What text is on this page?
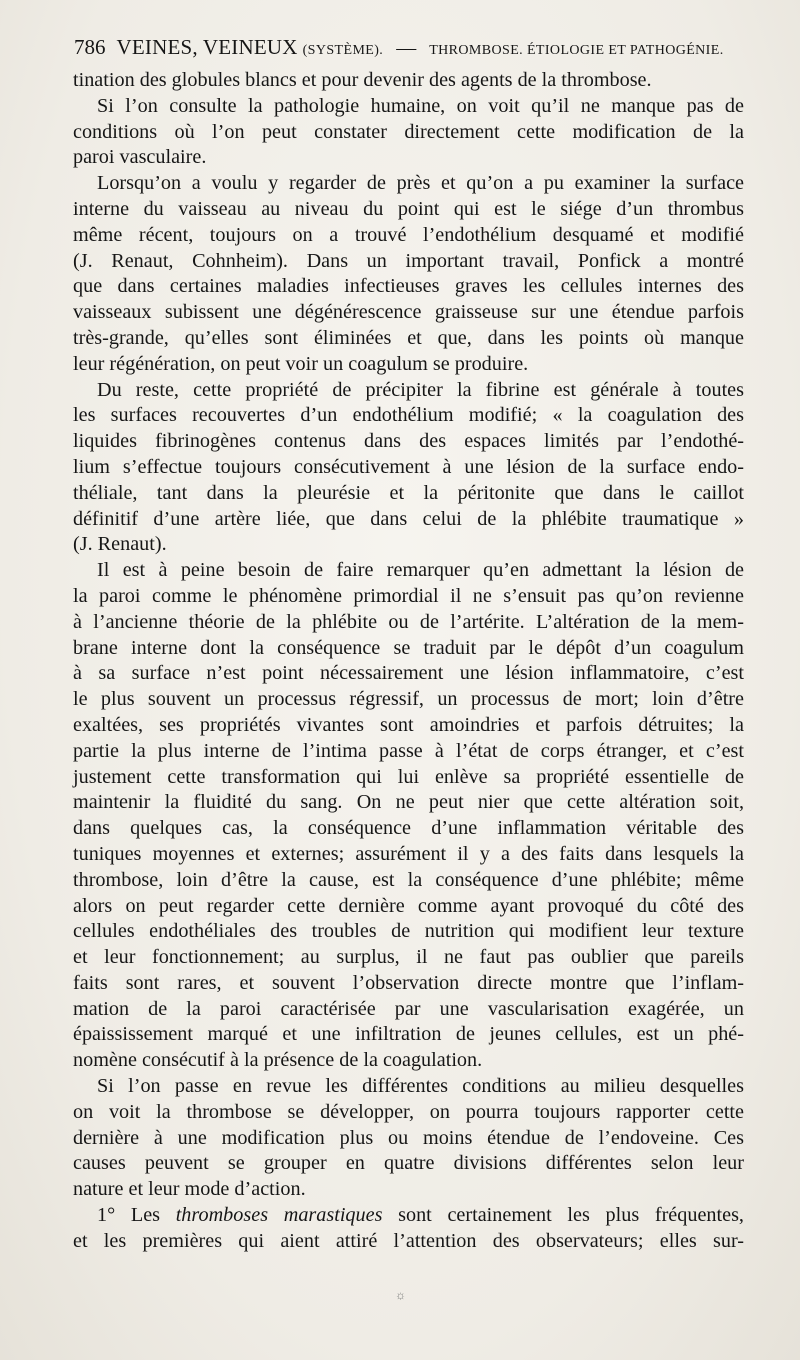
786 VEINES, VEINEUX (SYSTÈME). — THROMBOSE. ÉTIOLOGIE ET PATHOGÉNIE.
tination des globules blancs et pour devenir des agents de la thrombose.
Si l’on consulte la pathologie humaine, on voit qu’il ne manque pas de
conditions où l’on peut constater directement cette modification de la
paroi vasculaire.
Lorsqu’on a voulu y regarder de près et qu’on a pu examiner la surface
interne du vaisseau au niveau du point qui est le siége d’un thrombus
même récent, toujours on a trouvé l’endothélium desquamé et modifié
(J. Renaut, Cohnheim). Dans un important travail, Ponfick a montré
que dans certaines maladies infectieuses graves les cellules internes des
vaisseaux subissent une dégénérescence graisseuse sur une étendue parfois
très-grande, qu’elles sont éliminées et que, dans les points où manque
leur régénération, on peut voir un coagulum se produire.
Du reste, cette propriété de précipiter la fibrine est générale à toutes
les surfaces recouvertes d’un endothélium modifié; « la coagulation des
liquides fibrinogènes contenus dans des espaces limités par l’endothé-
lium s’effectue toujours consécutivement à une lésion de la surface endo-
théliale, tant dans la pleurésie et la péritonite que dans le caillot
définitif d’une artère liée, que dans celui de la phlébite traumatique »
(J. Renaut).
Il est à peine besoin de faire remarquer qu’en admettant la lésion de
la paroi comme le phénomène primordial il ne s’ensuit pas qu’on revienne
à l’ancienne théorie de la phlébite ou de l’artérite. L’altération de la mem-
brane interne dont la conséquence se traduit par le dépôt d’un coagulum
à sa surface n’est point nécessairement une lésion inflammatoire, c’est
le plus souvent un processus régressif, un processus de mort; loin d’être
exaltées, ses propriétés vivantes sont amoindries et parfois détruites; la
partie la plus interne de l’intima passe à l’état de corps étranger, et c’est
justement cette transformation qui lui enlève sa propriété essentielle de
maintenir la fluidité du sang. On ne peut nier que cette altération soit,
dans quelques cas, la conséquence d’une inflammation véritable des
tuniques moyennes et externes; assurément il y a des faits dans lesquels la
thrombose, loin d’être la cause, est la conséquence d’une phlébite; même
alors on peut regarder cette dernière comme ayant provoqué du côté des
cellules endothéliales des troubles de nutrition qui modifient leur texture
et leur fonctionnement; au surplus, il ne faut pas oublier que pareils
faits sont rares, et souvent l’observation directe montre que l’inflam-
mation de la paroi caractérisée par une vascularisation exagérée, un
épaississement marqué et une infiltration de jeunes cellules, est un phé-
nomène consécutif à la présence de la coagulation.
Si l’on passe en revue les différentes conditions au milieu desquelles
on voit la thrombose se développer, on pourra toujours rapporter cette
dernière à une modification plus ou moins étendue de l’endoveine. Ces
causes peuvent se grouper en quatre divisions différentes selon leur
nature et leur mode d’action.
1° Les thromboses marastiques sont certainement les plus fréquentes,
et les premières qui aient attiré l’attention des observateurs; elles sur-
☼
